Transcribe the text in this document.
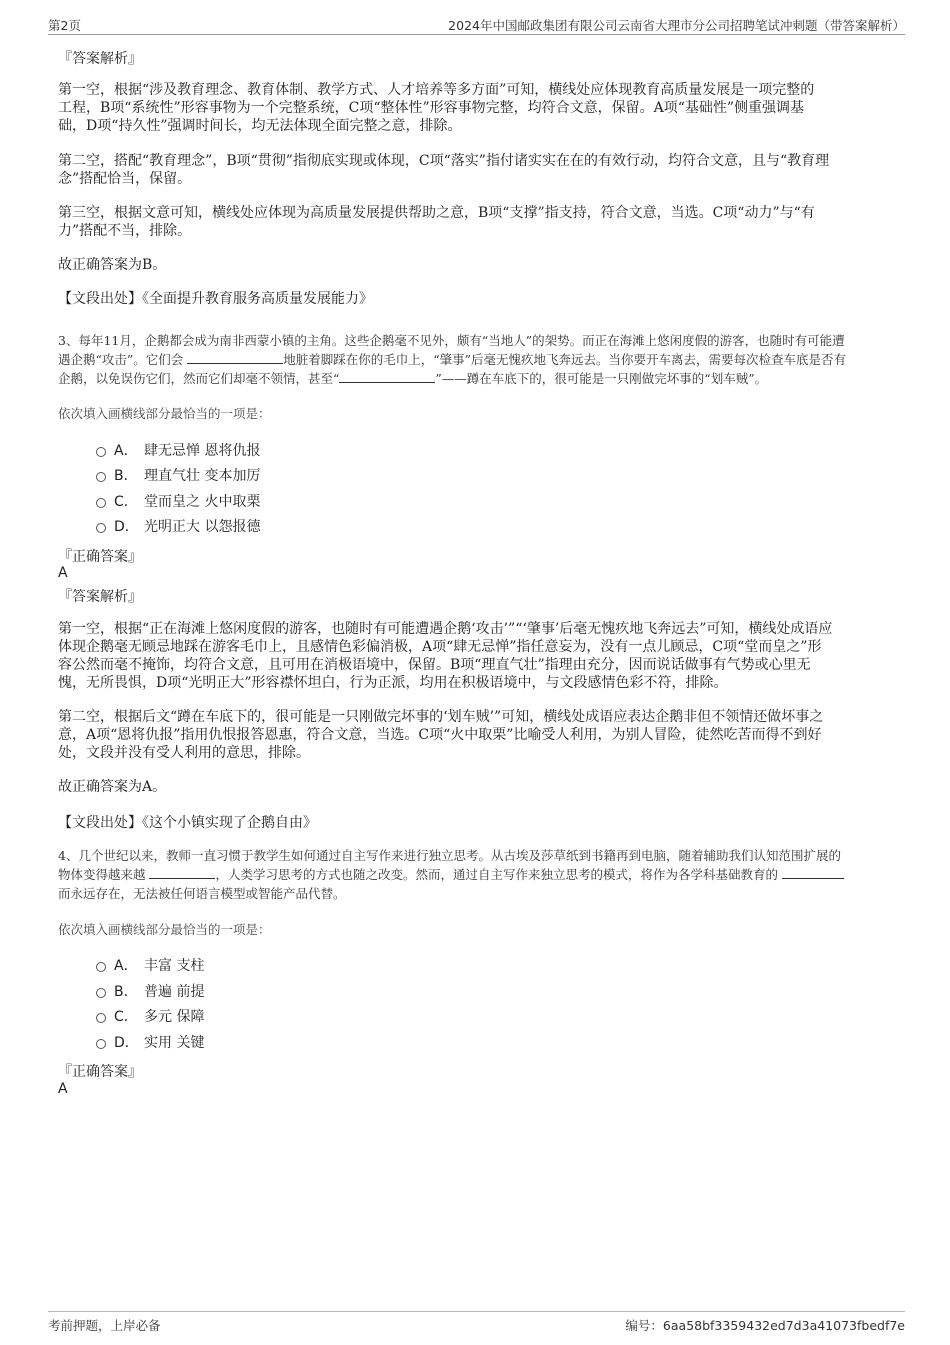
第2页	2024年中国邮政集团有限公司云南省大理市分公司招聘笔试冲刺题（带答案解析）
『答案解析』
第一空，根据“涉及教育理念、教育体制、教学方式、人才培养等多方面”可知，横线处应体现教育高质量发展是一项完整的
工程，B项“系统性”形容事物为一个完整系统，C项“整体性”形容事物完整，均符合文意，保留。A项“基础性”侧重强调基
础，D项“持久性”强调时间长，均无法体现全面完整之意，排除。
第二空，搭配“教育理念”，B项“贯彻”指彻底实现或体现，C项“落实”指付诸实实在在的有效行动，均符合文意，且与“教育理
念”搭配恰当，保留。
第三空，根据文意可知，横线处应体现为高质量发展提供帮助之意，B项“支撑”指支持，符合文意，当选。C项“动力”与“有
力”搭配不当，排除。
故正确答案为B。
【文段出处】《全面提升教育服务高质量发展能力》
3、每年11月，企鹅都会成为南非西蒙小镇的主角。这些企鹅毫不见外，颇有“当地人”的架势。而正在海滩上悠闲度假的游客，也随时有可能遭
遇企鹅“攻击”。它们会	地脏着脚踩在你的毛巾上，“肇事”后毫无愧疚地飞奔远去。当你要开车离去，需要每次检查车底是否有
企鹅，以免误伤它们，然而它们却毫不领情，甚至“	”——蹲在车底下的，很可能是一只刚做完坏事的“划车贼”。
依次填入画横线部分最恰当的一项是：
A． 肆无忌惮 恩将仇报
B． 理直气壮 变本加厉
C． 堂而皇之 火中取栗
D． 光明正大 以怨报德
『正确答案』
A
『答案解析』
第一空，根据“正在海滩上悠闲度假的游客，也随时有可能遭遇企鹅‘攻击’”“‘肇事’后毫无愧疚地飞奔远去”可知，横线处成语应
体现企鹅毫无顾忌地踩在游客毛巾上，且感情色彩偏消极，A项“肆无忌惮”指任意妄为，没有一点儿顾忌，C项“堂而皇之”形
容公然而毫不掩饰，均符合文意，且可用在消极语境中，保留。B项“理直气壮”指理由充分，因而说话做事有气势或心里无
愧，无所畏惧，D项“光明正大”形容襟怀坦白，行为正派，均用在积极语境中，与文段感情色彩不符，排除。
第二空，根据后文“蹲在车底下的，很可能是一只刚做完坏事的‘划车贼’”可知，横线处成语应表达企鹅非但不领情还做坏事之
意，A项“恩将仇报”指用仇恨报答恩惠，符合文意，当选。C项“火中取栗”比喻受人利用，为别人冒险，徒然吃苦而得不到好
处，文段并没有受人利用的意思，排除。
故正确答案为A。
【文段出处】《这个小镇实现了企鹅自由》
4、几个世纪以来，教师一直习惯于教学生如何通过自主写作来进行独立思考。从古埃及莎草纸到书籍再到电脑，随着辅助我们认知范围扩展的
物体变得越来越	，人类学习思考的方式也随之改变。然而，通过自主写作来独立思考的模式，将作为各学科基础教育的
而永远存在，无法被任何语言模型或智能产品代替。
依次填入画横线部分最恰当的一项是：
A． 丰富 支柱
B． 普遍 前提
C． 多元 保障
D． 实用 关键
『正确答案』
A
考前押题，上岸必备	编号：6aa58bf3359432ed7d3a41073fbedf7e
